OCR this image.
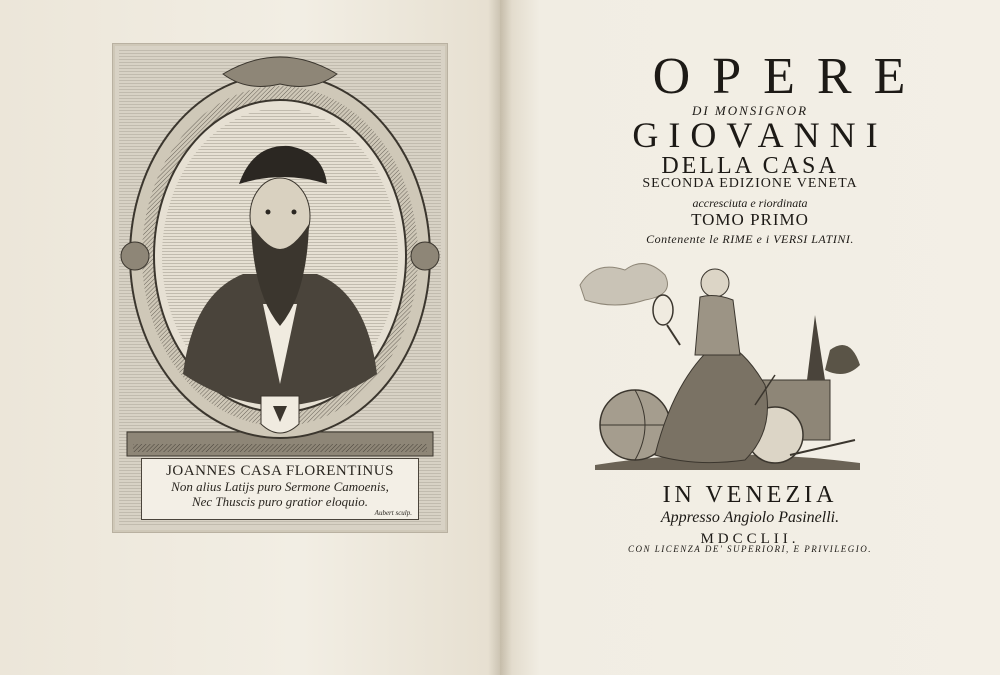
JOANNES CASA FLORENTINUS
Non alius Latijs puro Sermone Camoenis,
Nec Thuscis puro gratior eloquio.
Aubert sculp.
OPERE
DI MONSIGNOR
GIOVANNI
DELLA CASA
SECONDA EDIZIONE VENETA
accresciuta e riordinata
TOMO PRIMO
Contenente le RIME e i VERSI LATINI.
IN VENEZIA
Appresso Angiolo Pasinelli.
MDCCLII.
CON LICENZA DE' SUPERIORI, E PRIVILEGIO.
